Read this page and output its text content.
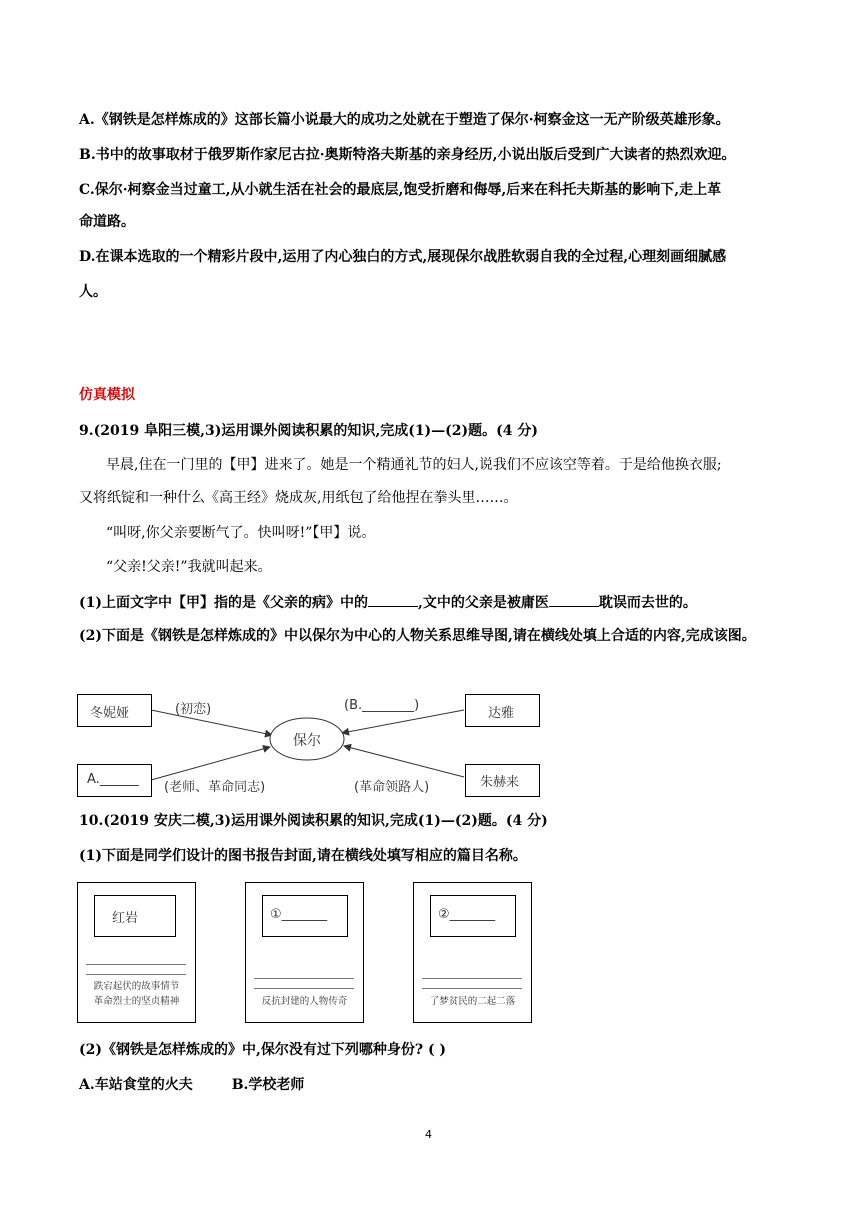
A.《钢铁是怎样炼成的》这部长篇小说最大的成功之处就在于塑造了保尔·柯察金这一无产阶级英雄形象。
B.书中的故事取材于俄罗斯作家尼古拉·奥斯特洛夫斯基的亲身经历,小说出版后受到广大读者的热烈欢迎。
C.保尔·柯察金当过童工,从小就生活在社会的最底层,饱受折磨和侮辱,后来在科托夫斯基的影响下,走上革
命道路。
D.在课本选取的一个精彩片段中,运用了内心独白的方式,展现保尔战胜软弱自我的全过程,心理刻画细腻感
人。
仿真模拟
9.(2019 阜阳三模,3)运用课外阅读积累的知识,完成(1)—(2)题。(4 分)
早晨,住在一门里的【甲】进来了。她是一个精通礼节的妇人,说我们不应该空等着。于是给他换衣服;
又将纸锭和一种什么《高王经》烧成灰,用纸包了给他捏在拳头里……。
“叫呀,你父亲要断气了。快叫呀!”【甲】说。
“父亲!父亲!”我就叫起来。
(1)上面文字中【甲】指的是《父亲的病》中的	,文中的父亲是被庸医	耽误而去世的。
(2)下面是《钢铁是怎样炼成的》中以保尔为中心的人物关系思维导图,请在横线处填上合适的内容,完成该图。
保尔
冬妮娅	(初恋)	达雅
(B.________)
A.______
(老师、革命同志)	朱赫来
(革命领路人)
10.(2019 安庆二模,3)运用课外阅读积累的知识,完成(1)—(2)题。(4 分)
(1)下面是同学们设计的图书报告封面,请在横线处填写相应的篇目名称。
红岩
跌宕起伏的故事情节
革命烈士的坚贞精神
①_______
反抗封建的人物传奇
②_______
了梦贫民的二起二落
(2)《钢铁是怎样炼成的》中,保尔没有过下列哪种身份? ( )
A.车站食堂的火夫        B.学校老师
4
